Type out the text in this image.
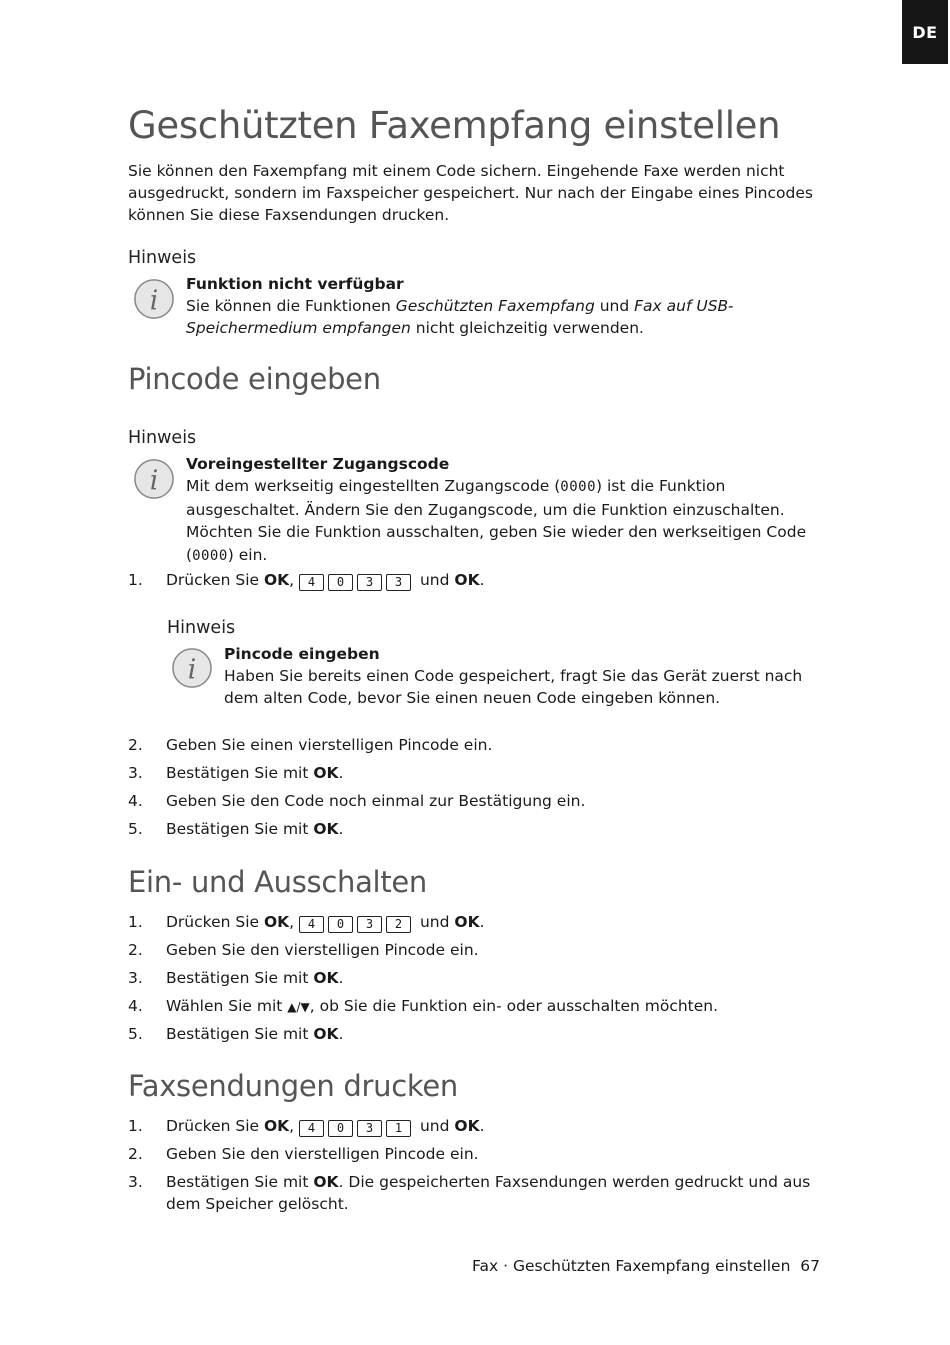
DE
Geschützten Faxempfang einstellen

Sie können den Faxempfang mit einem Code sichern. Eingehende Faxe werden nicht ausgedruckt, sondern im Faxspeicher gespeichert. Nur nach der Eingabe eines Pincodes können Sie diese Faxsendungen drucken.

Hinweis
i
Funktion nicht verfügbar

Sie können die Funktionen Geschützten Faxempfang und Fax auf USB-Speichermedium empfangen nicht gleichzeitig verwenden.

Pincode eingeben
Hinweis
i
Voreingestellter Zugangscode

Mit dem werkseitig eingestellten Zugangscode (0000) ist die Funktion ausgeschaltet. Ändern Sie den Zugangscode, um die Funktion einzuschalten. Möchten Sie die Funktion ausschalten, geben Sie wieder den werkseitigen Code (0000) ein.

1.	Drücken Sie OK, 4 0 3 3 und OK.
Hinweis
i
Pincode eingeben

Haben Sie bereits einen Code gespeichert, fragt Sie das Gerät zuerst nach dem alten Code, bevor Sie einen neuen Code eingeben können.

2.	Geben Sie einen vierstelligen Pincode ein.
3.	Bestätigen Sie mit OK.
4.	Geben Sie den Code noch einmal zur Bestätigung ein.
5.	Bestätigen Sie mit OK.
Ein- und Ausschalten
1.	Drücken Sie OK, 4 0 3 2 und OK.
2.	Geben Sie den vierstelligen Pincode ein.
3.	Bestätigen Sie mit OK.
4.	Wählen Sie mit ▲/▼, ob Sie die Funktion ein- oder ausschalten möchten.
5.	Bestätigen Sie mit OK.
Faxsendungen drucken
1.	Drücken Sie OK, 4 0 3 1 und OK.
2.	Geben Sie den vierstelligen Pincode ein.
3.	Bestätigen Sie mit OK. Die gespeicherten Faxsendungen werden gedruckt und aus dem Speicher gelöscht.
Fax · Geschützten Faxempfang einstellen 67
